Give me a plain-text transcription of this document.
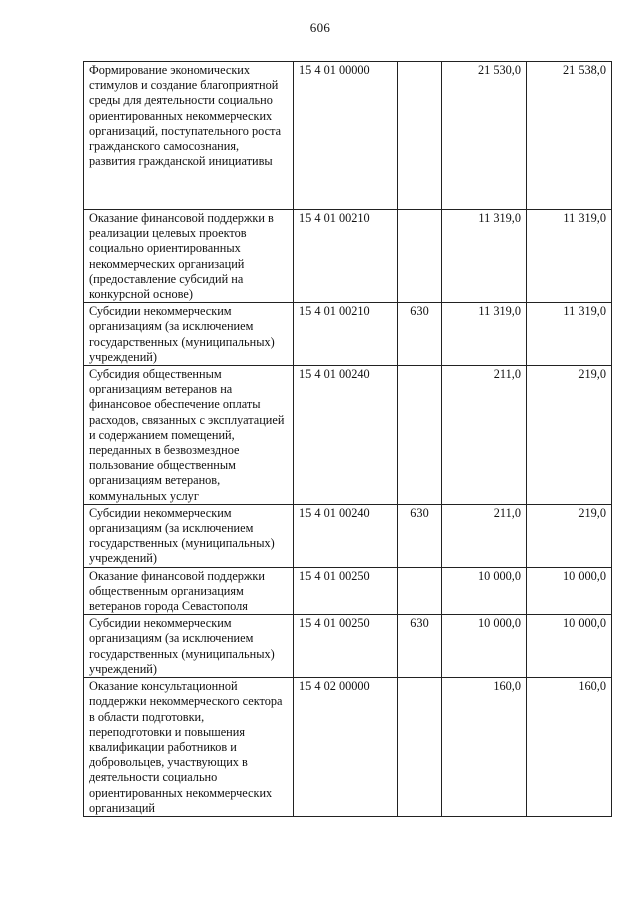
606
Формирование экономических стимулов и создание благоприятной среды для деятельности социально ориентированных некоммерческих организаций, поступательного роста гражданского самосознания, развития гражданской инициативы	15 4 01 00000		21 530,0	21 538,0
Оказание финансовой поддержки в реализации целевых проектов социально ориентированных некоммерческих организаций (предоставление субсидий на конкурсной основе)	15 4 01 00210		11 319,0	11 319,0
Субсидии некоммерческим организациям (за исключением государственных (муниципальных) учреждений)	15 4 01 00210	630	11 319,0	11 319,0
Субсидия общественным организациям ветеранов на финансовое обеспечение оплаты расходов, связанных с эксплуатацией и содержанием помещений, переданных в безвозмездное пользование общественным организациям ветеранов, коммунальных услуг	15 4 01 00240		211,0	219,0
Субсидии некоммерческим организациям (за исключением государственных (муниципальных) учреждений)	15 4 01 00240	630	211,0	219,0
Оказание финансовой поддержки общественным организациям ветеранов города Севастополя	15 4 01 00250		10 000,0	10 000,0
Субсидии некоммерческим организациям (за исключением государственных (муниципальных) учреждений)	15 4 01 00250	630	10 000,0	10 000,0
Оказание консультационной поддержки некоммерческого сектора в области подготовки, переподготовки и повышения квалификации работников и добровольцев, участвующих в деятельности социально ориентированных некоммерческих организаций	15 4 02 00000		160,0	160,0
